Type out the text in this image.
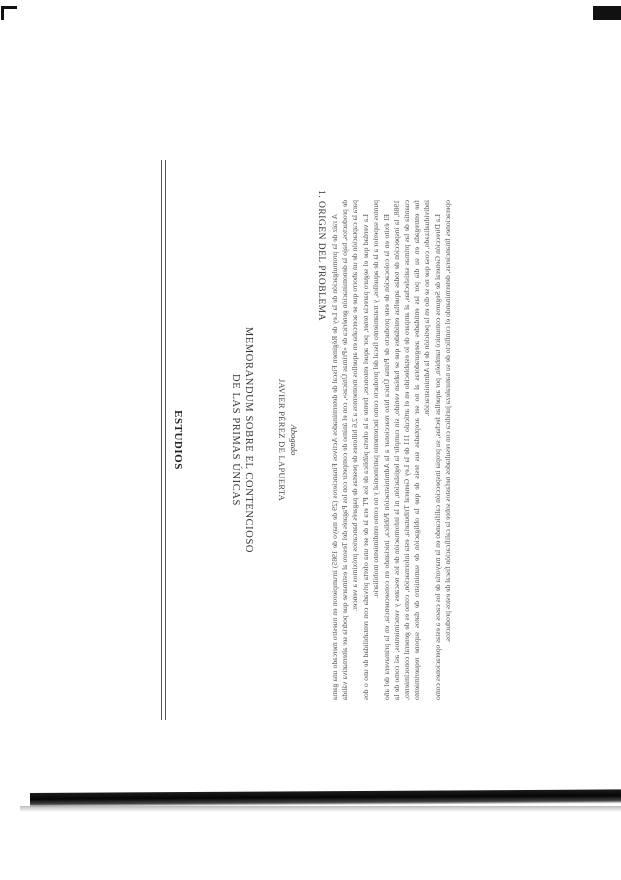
ESTUDIOS	MEMORANDUM SOBRE EL CONTENCIOSO
DE LAS PRIMAS ÚNICAS	JAVIER PÉREZ DE LAPUERTA Abogado
1. ORIGEN DEL PROBLEMA A raíz de la promulgación de la Ley de Régimen Fiscal de determinados Activos Financieros (29 de mayo de 1985) irrumpieron en nuestro mercado una gama de productos, bajo la denominación genérica de «Primas Únicas», con el ánimo de competir con los Pagarés del Tesoro al estimarse que podría ser alternativa válida para la captación de un ahorro que se acercaba en aquellos momentos a 2,6 billones de pesetas de pagarés bancarios próximos a vencer. La verdad que el seguro parecía tener, por aquel entonces, frente a la oferta pública de los PT era la de ser una oferta privada con rentabilidad de uno o dos puntos superior a la de aquellos, y tratamiento fiscal del producto como incremento patrimonial y no como rendimiento mobiliario. El éxito en la colocación de este producto de Prima Única hizo reaccionar a la Administración Pública, iniciando en consecuencia, en la primavera del año 1988, la inspección de todas aquellas entidades que se habían venido, sin cumplir la legislación, ni la información de los rescates y vencimientos, así como de la cuantía de las primas satisfechas, al amparo de lo establecido en el artículo 111 de la Ley General Tributaria, esta información, como es de general conocimiento, fue entregada en su día por las entidades aseguradoras al no ser aceptadas sus tesis de que la obligación de suministro de datos supone requerimiento individualizado, cosa que no se dio en la petición de la Administración. La Dirección General de Seguros comunicó también, por aquellas fechas, su propia inspección calificando en la mayoría de los casos a estas operaciones como operaciones financieras, determinando el conflicto de su naturaleza jurídica con resultados nefastos sobre la calificación fiscal de estos productos.
